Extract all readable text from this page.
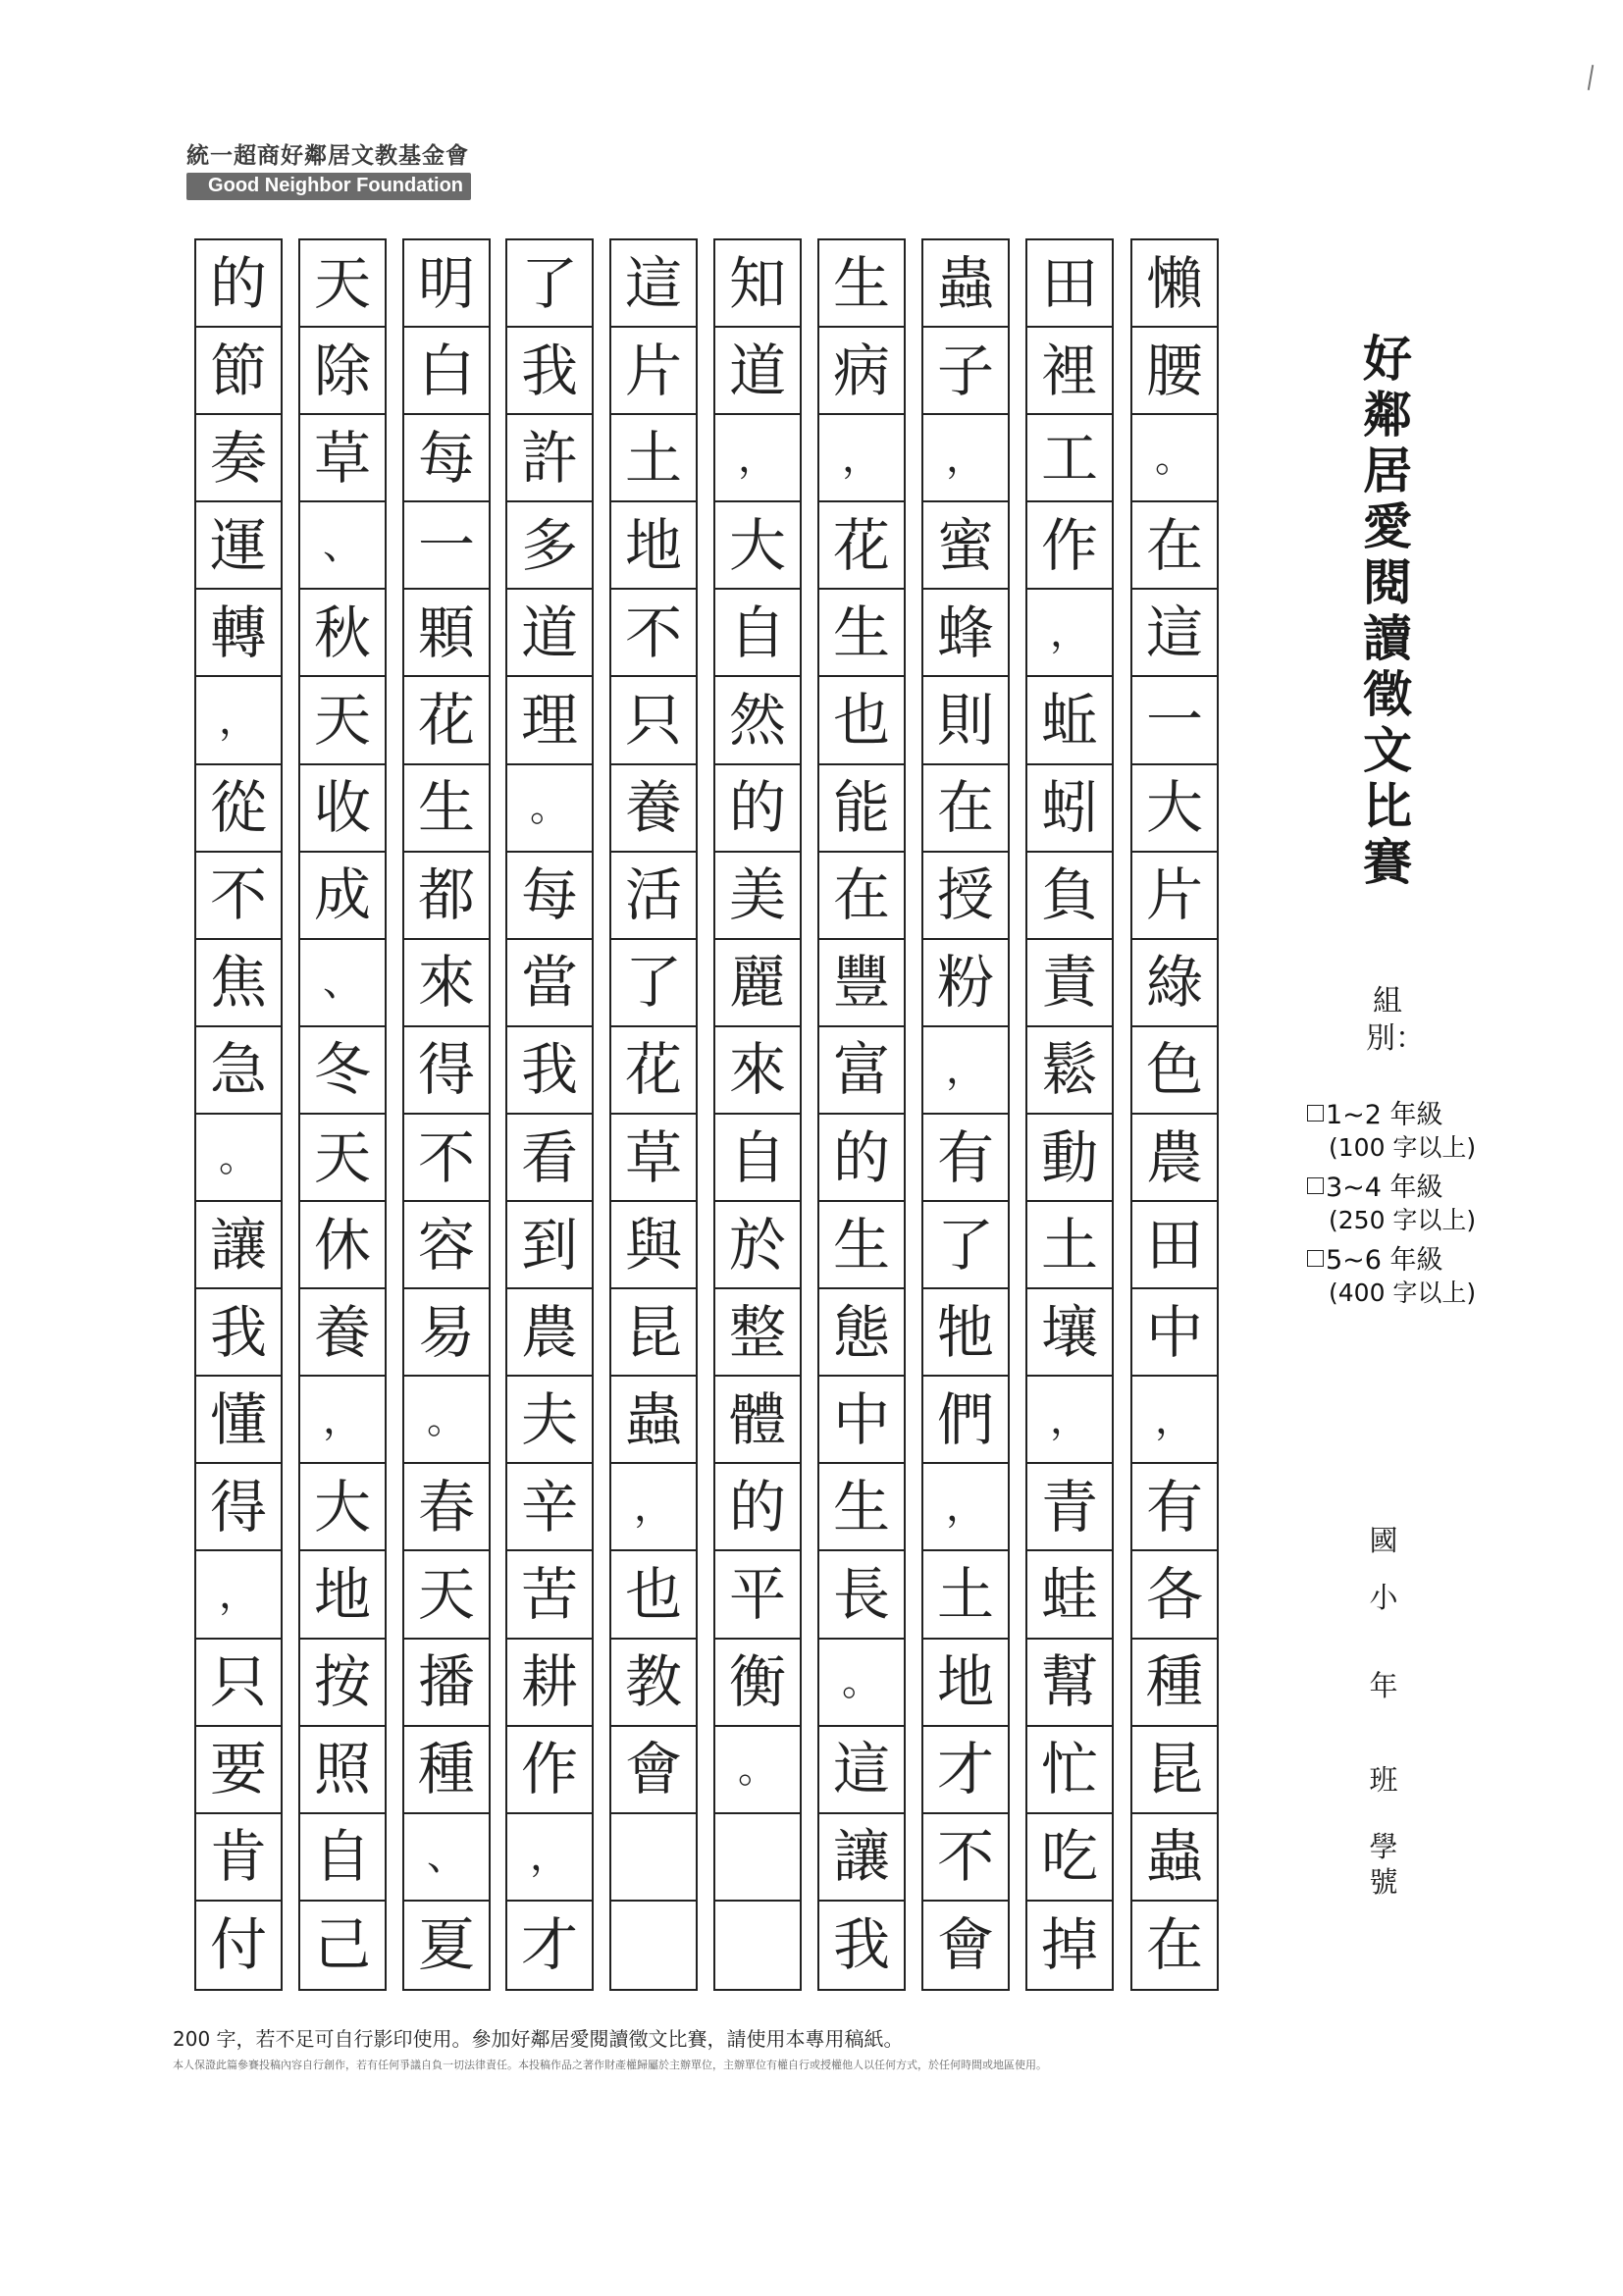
統一超商好鄰居文教基金會
Good Neighbor Foundation
懶
腰
。
在
這
一
大
片
綠
色
農
田
中
，
有
各
種
昆
蟲
在
田
裡
工
作
，
蚯
蚓
負
責
鬆
動
土
壤
，
青
蛙
幫
忙
吃
掉
蟲
子
，
蜜
蜂
則
在
授
粉
，
有
了
牠
們
，
土
地
才
不
會
生
病
，
花
生
也
能
在
豐
富
的
生
態
中
生
長
。
這
讓
我
知
道
，
大
自
然
的
美
麗
來
自
於
整
體
的
平
衡
。
這
片
土
地
不
只
養
活
了
花
草
與
昆
蟲
，
也
教
會
了
我
許
多
道
理
。
每
當
我
看
到
農
夫
辛
苦
耕
作
，
才
明
白
每
一
顆
花
生
都
來
得
不
容
易
。
春
天
播
種
、
夏
天
除
草
、
秋
天
收
成
、
冬
天
休
養
，
大
地
按
照
自
己
的
節
奏
運
轉
，
從
不
焦
急
。
讓
我
懂
得
，
只
要
肯
付
好鄰居愛閱讀徵文比賽
組別：
1~2 年級
(100 字以上)
3~4 年級
(250 字以上)
5~6 年級
(400 字以上)
國
小
年
班
學號
200 字，若不足可自行影印使用。參加好鄰居愛閱讀徵文比賽，請使用本專用稿紙。
本人保證此篇參賽投稿內容自行創作，若有任何爭議自負一切法律責任。本投稿作品之著作財產權歸屬於主辦單位，主辦單位有權自行或授權他人以任何方式，於任何時間或地區使用。
